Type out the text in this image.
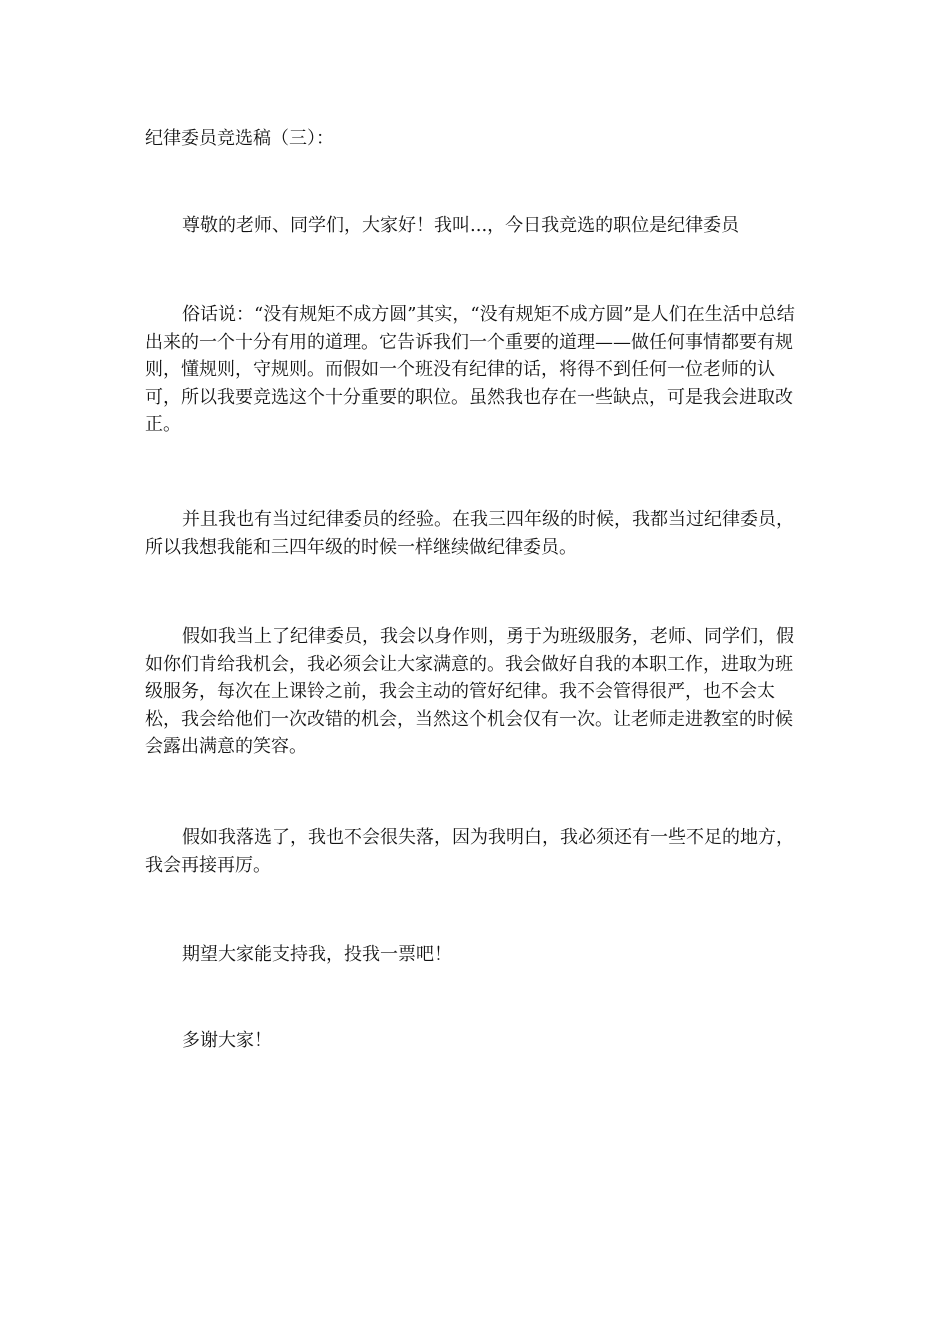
纪律委员竞选稿（三）：

尊敬的老师、同学们，大家好！我叫...，今日我竞选的职位是纪律委员

俗话说：“没有规矩不成方圆”其实，“没有规矩不成方圆”是人们在生活中总结出来的一个十分有用的道理。它告诉我们一个重要的道理——做任何事情都要有规则，懂规则，守规则。而假如一个班没有纪律的话，将得不到任何一位老师的认可，所以我要竞选这个十分重要的职位。虽然我也存在一些缺点，可是我会进取改正。

并且我也有当过纪律委员的经验。在我三四年级的时候，我都当过纪律委员，所以我想我能和三四年级的时候一样继续做纪律委员。

假如我当上了纪律委员，我会以身作则，勇于为班级服务，老师、同学们，假如你们肯给我机会，我必须会让大家满意的。我会做好自我的本职工作，进取为班级服务，每次在上课铃之前，我会主动的管好纪律。我不会管得很严，也不会太松，我会给他们一次改错的机会，当然这个机会仅有一次。让老师走进教室的时候会露出满意的笑容。

假如我落选了，我也不会很失落，因为我明白，我必须还有一些不足的地方，我会再接再厉。

期望大家能支持我，投我一票吧！

多谢大家！
